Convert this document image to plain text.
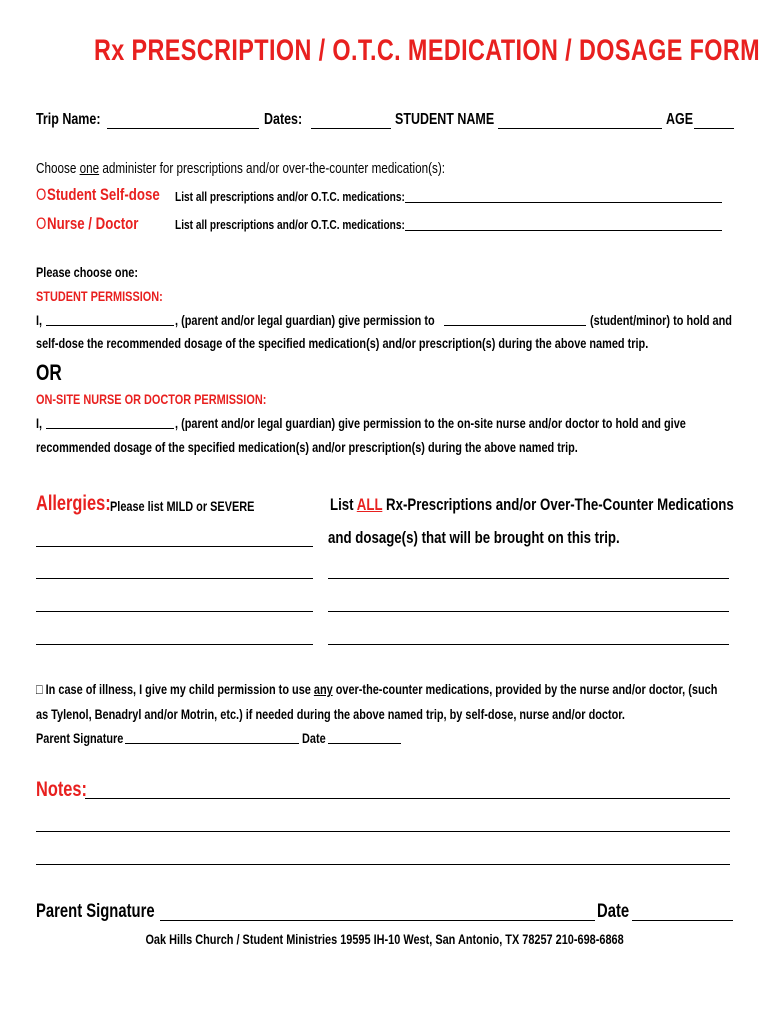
Rx PRESCRIPTION / O.T.C. MEDICATION / DOSAGE FORM
Trip Name:	Dates:	STUDENT NAME	AGE
Choose one administer for prescriptions and/or over-the-counter medication(s):
O Student Self-dose	List all prescriptions and/or O.T.C. medications:
O Nurse / Doctor	List all prescriptions and/or O.T.C. medications:
Please choose one:
STUDENT PERMISSION:
I,	, (parent and/or legal guardian) give permission to	(student/minor) to hold and
self-dose the recommended dosage of the specified medication(s) and/or prescription(s) during the above named trip.
OR
ON-SITE NURSE OR DOCTOR PERMISSION:
I,	, (parent and/or legal guardian) give permission to the on-site nurse and/or doctor to hold and give
recommended dosage of the specified medication(s) and/or prescription(s) during the above named trip.
Allergies: Please list MILD or SEVERE	List ALL Rx-Prescriptions and/or Over-The-Counter Medications
and dosage(s) that will be brought on this trip.
□ In case of illness, I give my child permission to use any over-the-counter medications, provided by the nurse and/or doctor, (such
as Tylenol, Benadryl and/or Motrin, etc.) if needed during the above named trip, by self-dose, nurse and/or doctor.
Parent Signature	Date
Notes:
Parent Signature	Date
Oak Hills Church / Student Ministries 19595 IH-10 West, San Antonio, TX 78257 210-698-6868
